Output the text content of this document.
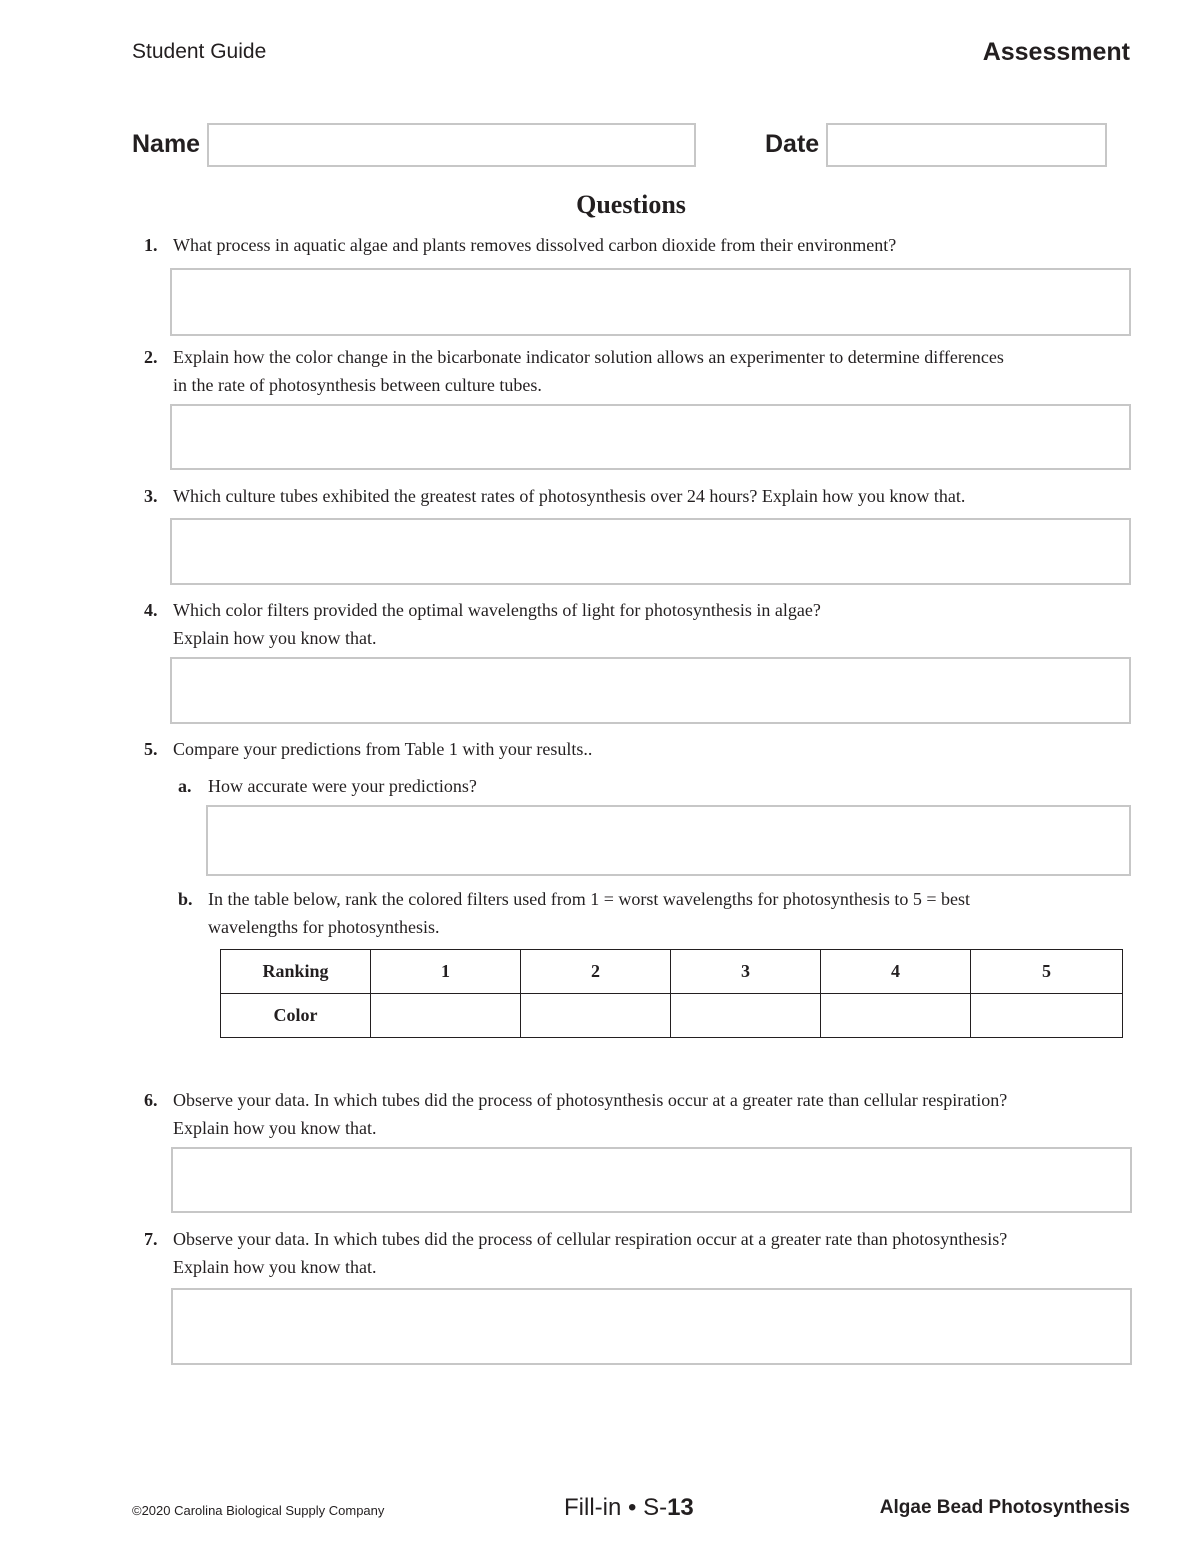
Student Guide	Assessment
Name	Date
Questions
1. What process in aquatic algae and plants removes dissolved carbon dioxide from their environment?
2. Explain how the color change in the bicarbonate indicator solution allows an experimenter to determine differences
in the rate of photosynthesis between culture tubes.
3. Which culture tubes exhibited the greatest rates of photosynthesis over 24 hours? Explain how you know that.
4. Which color filters provided the optimal wavelengths of light for photosynthesis in algae?
Explain how you know that.
5. Compare your predictions from Table 1 with your results..
a. How accurate were your predictions?
b. In the table below, rank the colored filters used from 1 = worst wavelengths for photosynthesis to 5 = best
wavelengths for photosynthesis.
Ranking	1	2	3	4	5
Color					
6. Observe your data. In which tubes did the process of photosynthesis occur at a greater rate than cellular respiration?
Explain how you know that.
7. Observe your data. In which tubes did the process of cellular respiration occur at a greater rate than photosynthesis?
Explain how you know that.
©2020 Carolina Biological Supply Company	Fill-in • S-13	Algae Bead Photosynthesis
